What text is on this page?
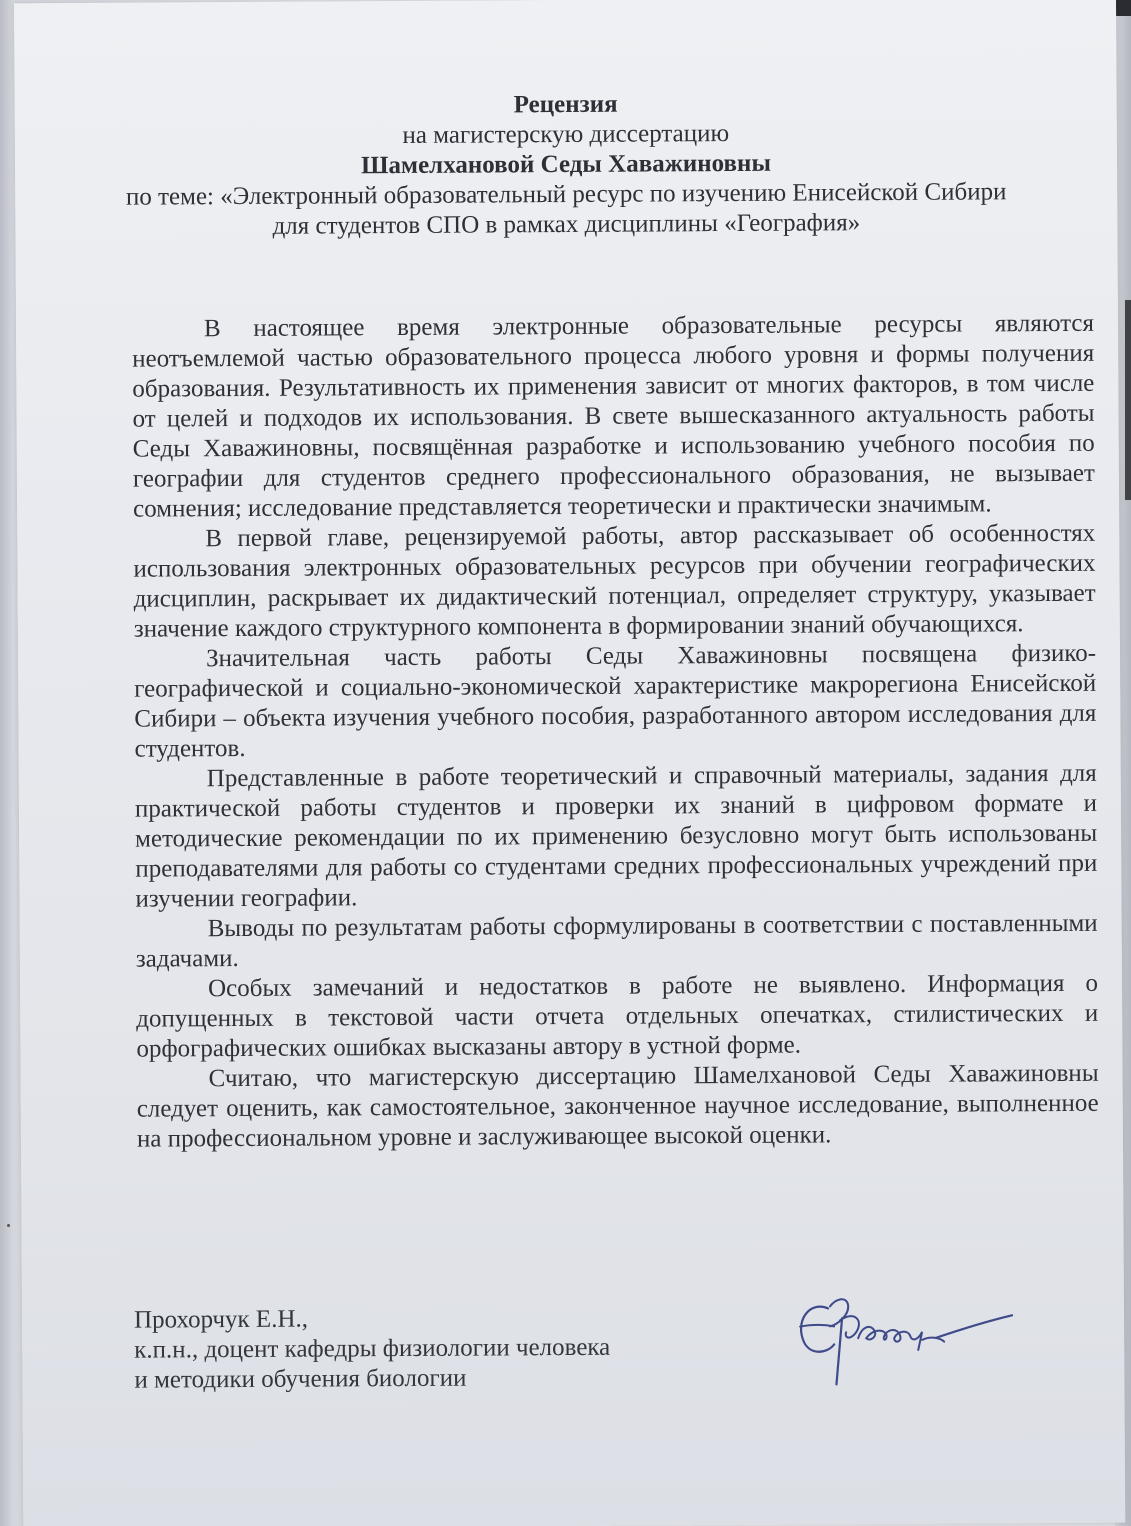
Рецензия
на магистерскую диссертацию
Шамелхановой Седы Хаважиновны
по теме: «Электронный образовательный ресурс по изучению Енисейской Сибири
для студентов СПО в рамках дисциплины «География»

В настоящее время электронные образовательные ресурсы являются неотъемлемой частью образовательного процесса любого уровня и формы получения образования. Результативность их применения зависит от многих факторов, в том числе от целей и подходов их использования. В свете вышесказанного актуальность работы Седы Хаважиновны, посвящённая разработке и использованию учебного пособия по географии для студентов среднего профессионального образования, не вызывает сомнения; исследование представляется теоретически и практически значимым.

В первой главе, рецензируемой работы, автор рассказывает об особенностях использования электронных образовательных ресурсов при обучении географических дисциплин, раскрывает их дидактический потенциал, определяет структуру, указывает значение каждого структурного компонента в формировании знаний обучающихся.

Значительная часть работы Седы Хаважиновны посвящена физико-географической и социально-экономической характеристике макрорегиона Енисейской Сибири – объекта изучения учебного пособия, разработанного автором исследования для студентов.

Представленные в работе теоретический и справочный материалы, задания для практической работы студентов и проверки их знаний в цифровом формате и методические рекомендации по их применению безусловно могут быть использованы преподавателями для работы со студентами средних профессиональных учреждений при изучении географии.

Выводы по результатам работы сформулированы в соответствии с поставленными задачами.

Особых замечаний и недостатков в работе не выявлено. Информация о допущенных в текстовой части отчета отдельных опечатках, стилистических и орфографических ошибках высказаны автору в устной форме.

Считаю, что магистерскую диссертацию Шамелхановой Седы Хаважиновны следует оценить, как самостоятельное, законченное научное исследование, выполненное на профессиональном уровне и заслуживающее высокой оценки.

Прохорчук Е.Н.,
к.п.н., доцент кафедры физиологии человека
и методики обучения биологии
